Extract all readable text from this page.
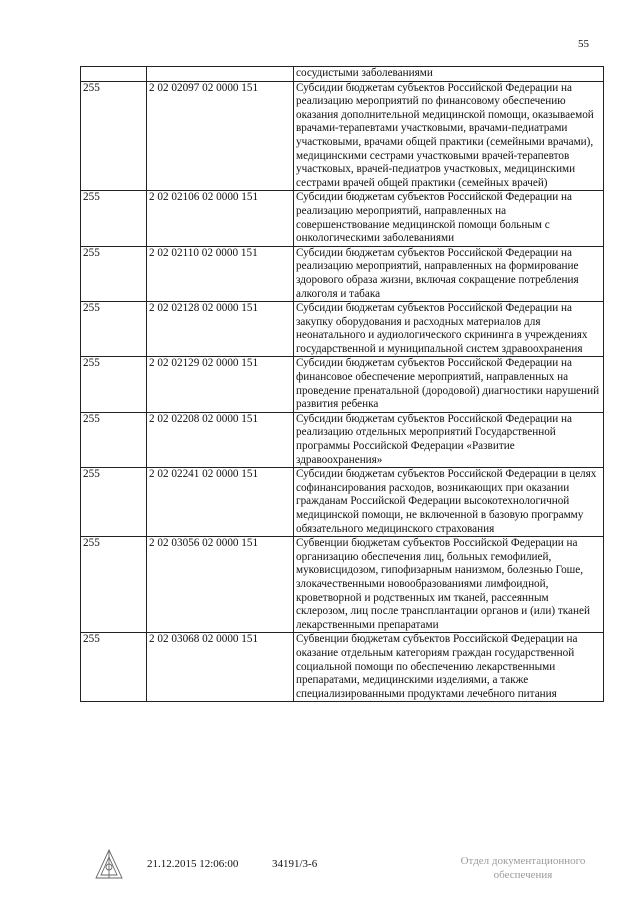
55
		сосудистыми заболеваниями
255	2 02 02097 02 0000 151	Субсидии бюджетам субъектов Российской Федерации на реализацию мероприятий по финансовому обеспечению оказания дополнительной медицинской помощи, оказываемой врачами-терапевтами участковыми, врачами-педиатрами участковыми, врачами общей практики (семейными врачами), медицинскими сестрами участковыми врачей-терапевтов участковых, врачей-педиатров участковых, медицинскими сестрами врачей общей практики (семейных врачей)
255	2 02 02106 02 0000 151	Субсидии бюджетам субъектов Российской Федерации на реализацию мероприятий, направленных на совершенствование медицинской помощи больным с онкологическими заболеваниями
255	2 02 02110 02 0000 151	Субсидии бюджетам субъектов Российской Федерации на реализацию мероприятий, направленных на формирование здорового образа жизни, включая сокращение потребления алкоголя и табака
255	2 02 02128 02 0000 151	Субсидии бюджетам субъектов Российской Федерации на закупку оборудования и расходных материалов для неонатального и аудиологического скрининга в учреждениях государственной и муниципальной систем здравоохранения
255	2 02 02129 02 0000 151	Субсидии бюджетам субъектов Российской Федерации на финансовое обеспечение мероприятий, направленных на проведение пренатальной (дородовой) диагностики нарушений развития ребенка
255	2 02 02208 02 0000 151	Субсидии бюджетам субъектов Российской Федерации на реализацию отдельных мероприятий Государственной программы Российской Федерации «Развитие здравоохранения»
255	2 02 02241 02 0000 151	Субсидии бюджетам субъектов Российской Федерации в целях софинансирования расходов, возникающих при оказании гражданам Российской Федерации высокотехнологичной медицинской помощи, не включенной в базовую программу обязательного медицинского страхования
255	2 02 03056 02 0000 151	Субвенции бюджетам субъектов Российской Федерации на организацию обеспечения лиц, больных гемофилией, муковисцидозом, гипофизарным нанизмом, болезнью Гоше, злокачественными новообразованиями лимфоидной, кроветворной и родственных им тканей, рассеянным склерозом, лиц после трансплантации органов и (или) тканей лекарственными препаратами
255	2 02 03068 02 0000 151	Субвенции бюджетам субъектов Российской Федерации на оказание отдельным категориям граждан государственной социальной помощи по обеспечению лекарственными препаратами, медицинскими изделиями, а также специализированными продуктами лечебного питания
21.12.2015 12:06:00	34191/3-6	Отдел документационного
обеспечения
